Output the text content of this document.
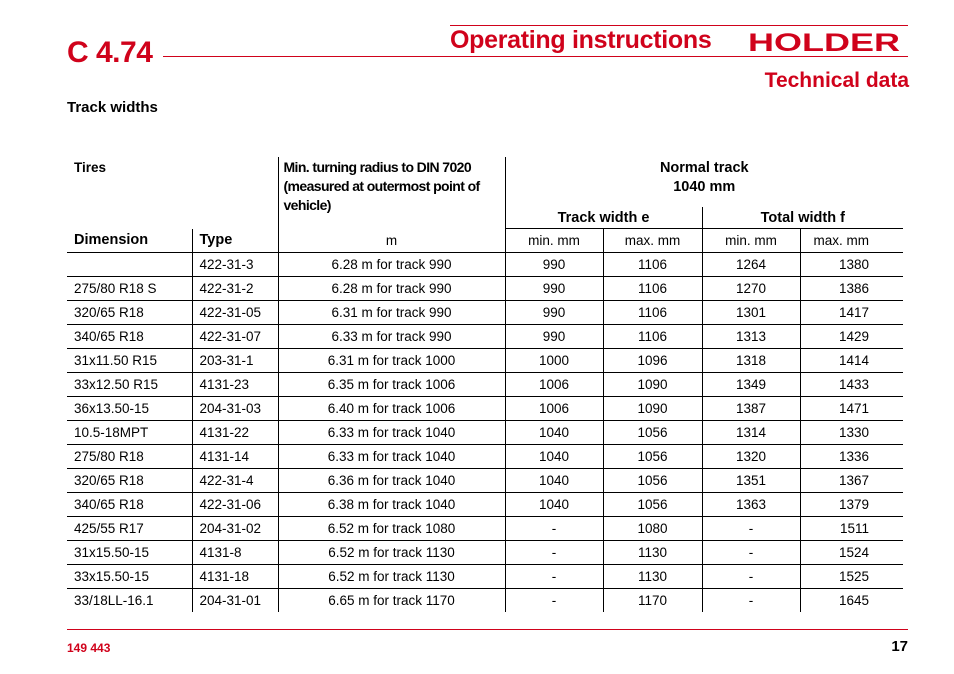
C 4.74	Operating instructions HOLDER
Technical data
Track widths
Tires		Min. turning radius to DIN 7020 (measured at outermost point of vehicle)	Normal track
1040 mm			

			Track width e		Total width f	
Dimension	Type	m	min. mm	max. mm	min. mm	max. mm
	422-31-3	6.28 m for track 990	990	1106	1264	1380
275/80 R18 S	422-31-2	6.28 m for track 990	990	1106	1270	1386
320/65 R18	422-31-05	6.31 m for track 990	990	1106	1301	1417
340/65 R18	422-31-07	6.33 m for track 990	990	1106	1313	1429
31x11.50 R15	203-31-1	6.31 m for track 1000	1000	1096	1318	1414
33x12.50 R15	4131-23	6.35 m for track 1006	1006	1090	1349	1433
36x13.50-15	204-31-03	6.40 m for track 1006	1006	1090	1387	1471
10.5-18MPT	4131-22	6.33 m for track 1040	1040	1056	1314	1330
275/80 R18	4131-14	6.33 m for track 1040	1040	1056	1320	1336
320/65 R18	422-31-4	6.36 m for track 1040	1040	1056	1351	1367
340/65 R18	422-31-06	6.38 m for track 1040	1040	1056	1363	1379
425/55 R17	204-31-02	6.52 m for track 1080	-	1080	-	1511
31x15.50-15	4131-8	6.52 m for track 1130	-	1130	-	1524
33x15.50-15	4131-18	6.52 m for track 1130	-	1130	-	1525
33/18LL-16.1	204-31-01	6.65 m for track 1170	-	1170	-	1645
149 443	17
